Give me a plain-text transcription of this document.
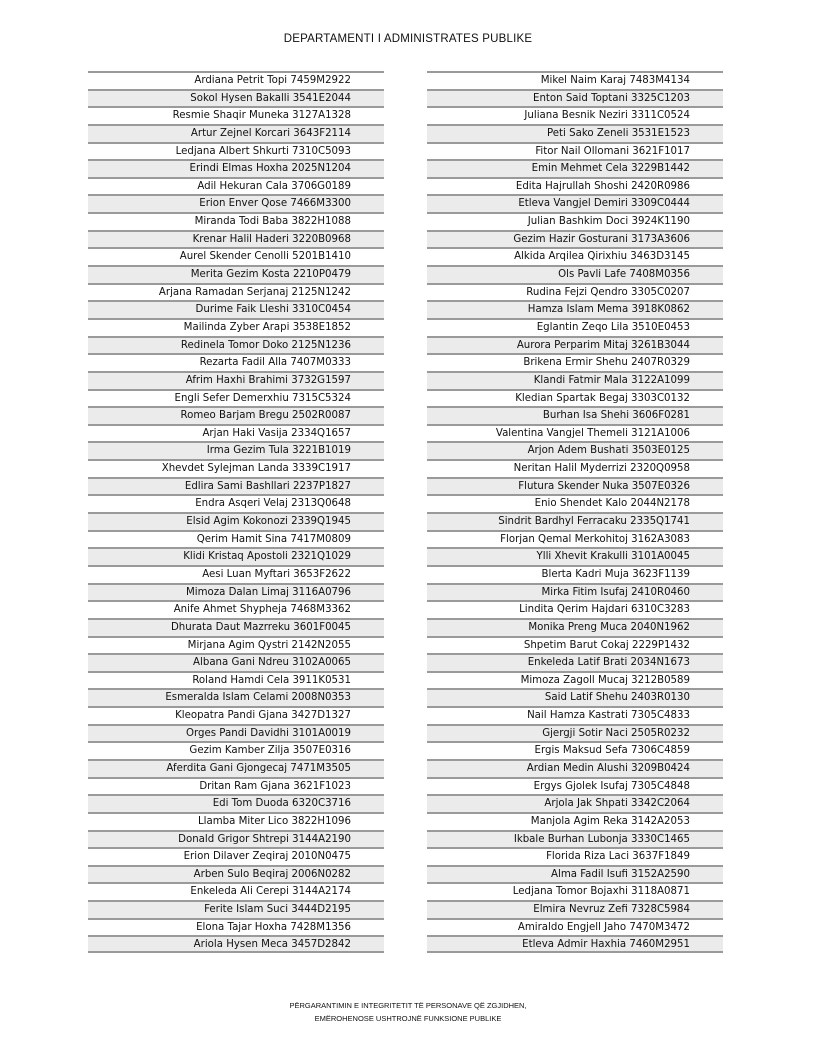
DEPARTAMENTI I ADMINISTRATES PUBLIKE
Ardiana Petrit Topi 7459M2922
Sokol Hysen Bakalli 3541E2044
Resmie Shaqir Muneka 3127A1328
Artur Zejnel Korcari 3643F2114
Ledjana Albert Shkurti 7310C5093
Erindi Elmas Hoxha 2025N1204
Adil Hekuran Cala 3706G0189
Erion Enver Qose 7466M3300
Miranda Todi Baba 3822H1088
Krenar Halil Haderi 3220B0968
Aurel Skender Cenolli 5201B1410
Merita Gezim Kosta 2210P0479
Arjana Ramadan Serjanaj 2125N1242
Durime Faik Lleshi 3310C0454
Mailinda Zyber Arapi 3538E1852
Redinela Tomor Doko 2125N1236
Rezarta Fadil Alla 7407M0333
Afrim Haxhi Brahimi 3732G1597
Engli Sefer Demerxhiu 7315C5324
Romeo Barjam Bregu 2502R0087
Arjan Haki Vasija 2334Q1657
Irma Gezim Tula 3221B1019
Xhevdet Sylejman Landa 3339C1917
Edlira Sami Bashllari 2237P1827
Endra Asqeri Velaj 2313Q0648
Elsid Agim Kokonozi 2339Q1945
Qerim Hamit Sina 7417M0809
Klidi Kristaq Apostoli 2321Q1029
Aesi Luan Myftari 3653F2622
Mimoza Dalan Limaj 3116A0796
Anife Ahmet Shypheja 7468M3362
Dhurata Daut Mazrreku 3601F0045
Mirjana Agim Qystri 2142N2055
Albana Gani Ndreu 3102A0065
Roland Hamdi Cela 3911K0531
Esmeralda Islam Celami 2008N0353
Kleopatra Pandi Gjana 3427D1327
Orges Pandi Davidhi 3101A0019
Gezim Kamber Zilja 3507E0316
Aferdita Gani Gjongecaj 7471M3505
Dritan Ram Gjana 3621F1023
Edi Tom Duoda 6320C3716
Llamba Miter Lico 3822H1096
Donald Grigor Shtrepi 3144A2190
Erion Dilaver Zeqiraj 2010N0475
Arben Sulo Beqiraj 2006N0282
Enkeleda Ali Cerepi 3144A2174
Ferite Islam Suci 3444D2195
Elona Tajar Hoxha 7428M1356
Ariola Hysen Meca 3457D2842
Mikel Naim Karaj 7483M4134
Enton Said Toptani 3325C1203
Juliana Besnik Neziri 3311C0524
Peti Sako Zeneli 3531E1523
Fitor Nail Ollomani 3621F1017
Emin Mehmet Cela 3229B1442
Edita Hajrullah Shoshi 2420R0986
Etleva Vangjel Demiri 3309C0444
Julian Bashkim Doci 3924K1190
Gezim Hazir Gosturani 3173A3606
Alkida Arqilea Qirixhiu 3463D3145
Ols Pavli Lafe 7408M0356
Rudina Fejzi Qendro 3305C0207
Hamza Islam Mema 3918K0862
Eglantin Zeqo Lila 3510E0453
Aurora Perparim Mitaj 3261B3044
Brikena Ermir Shehu 2407R0329
Klandi Fatmir Mala 3122A1099
Kledian Spartak Begaj 3303C0132
Burhan Isa Shehi 3606F0281
Valentina Vangjel Themeli 3121A1006
Arjon Adem Bushati 3503E0125
Neritan Halil Myderrizi 2320Q0958
Flutura Skender Nuka 3507E0326
Enio Shendet Kalo 2044N2178
Sindrit Bardhyl Ferracaku 2335Q1741
Florjan Qemal Merkohitoj 3162A3083
Ylli Xhevit Krakulli 3101A0045
Blerta Kadri Muja 3623F1139
Mirka Fitim Isufaj 2410R0460
Lindita Qerim Hajdari 6310C3283
Monika Preng Muca 2040N1962
Shpetim Barut Cokaj 2229P1432
Enkeleda Latif Brati 2034N1673
Mimoza Zagoll Mucaj 3212B0589
Said Latif Shehu 2403R0130
Nail Hamza Kastrati 7305C4833
Gjergji Sotir Naci 2505R0232
Ergis Maksud Sefa 7306C4859
Ardian Medin Alushi 3209B0424
Ergys Gjolek Isufaj 7305C4848
Arjola Jak Shpati 3342C2064
Manjola Agim Reka 3142A2053
Ikbale Burhan Lubonja 3330C1465
Florida Riza Laci 3637F1849
Alma Fadil Isufi 3152A2590
Ledjana Tomor Bojaxhi 3118A0871
Elmira Nevruz Zefi 7328C5984
Amiraldo Engjell Jaho 7470M3472
Etleva Admir Haxhia 7460M2951
PËRGARANTIMIN E INTEGRITETIT TË PERSONAVE QË ZGJIDHEN,
EMËROHENOSE USHTROJNË FUNKSIONE PUBLIKE
